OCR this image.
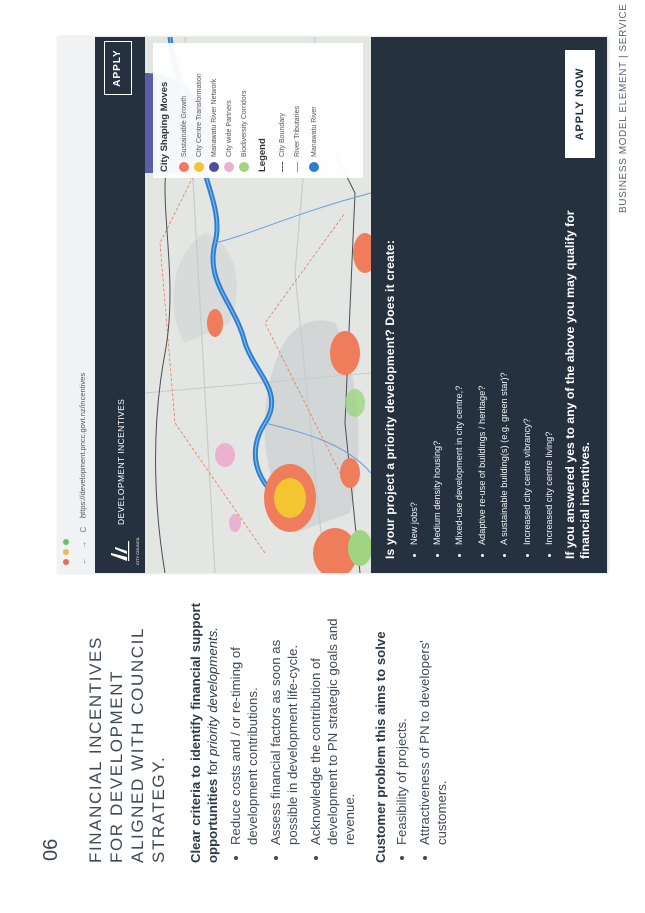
06 FINANCIAL INCENTIVES FOR DEVELOPMENT ALIGNED WITH COUNCIL STRATEGY. Clear criteria to identify financial support opportunities for priority developments. • Reduce costs and / or re-timing of development contributions. • Assess financial factors as soon as possible in development life-cycle. • Acknowledge the contribution of development to PN strategic goals and revenue. Customer problem this aims to solve • Feasibility of projects. • Attractiveness of PN to developers' customers.
← → C ⌂
https://development.pncc.govt.nz/incentives
CITY COUNCIL
DEVELOPMENT INCENTIVES
APPLY
City Shaping Moves Sustainable Growth City Centre Transformation Manawatu River Network City wide Partners Biodiversity Corridors Legend City Boundary River Tributaries Manawatu River
Is your project a priority development? Does it create: • New jobs? • Medium density housing? • Mixed-use development in city centre,? • Adaptive re-use of buildings / heritage? • A sustainable building(s) (e.g. green star)? • Increased city centre vibrancy? • Increased city centre living? If you answered yes to any of the above you may qualify for financial incentives.
APPLY NOW	BUSINESS MODEL ELEMENT | SERVICE
